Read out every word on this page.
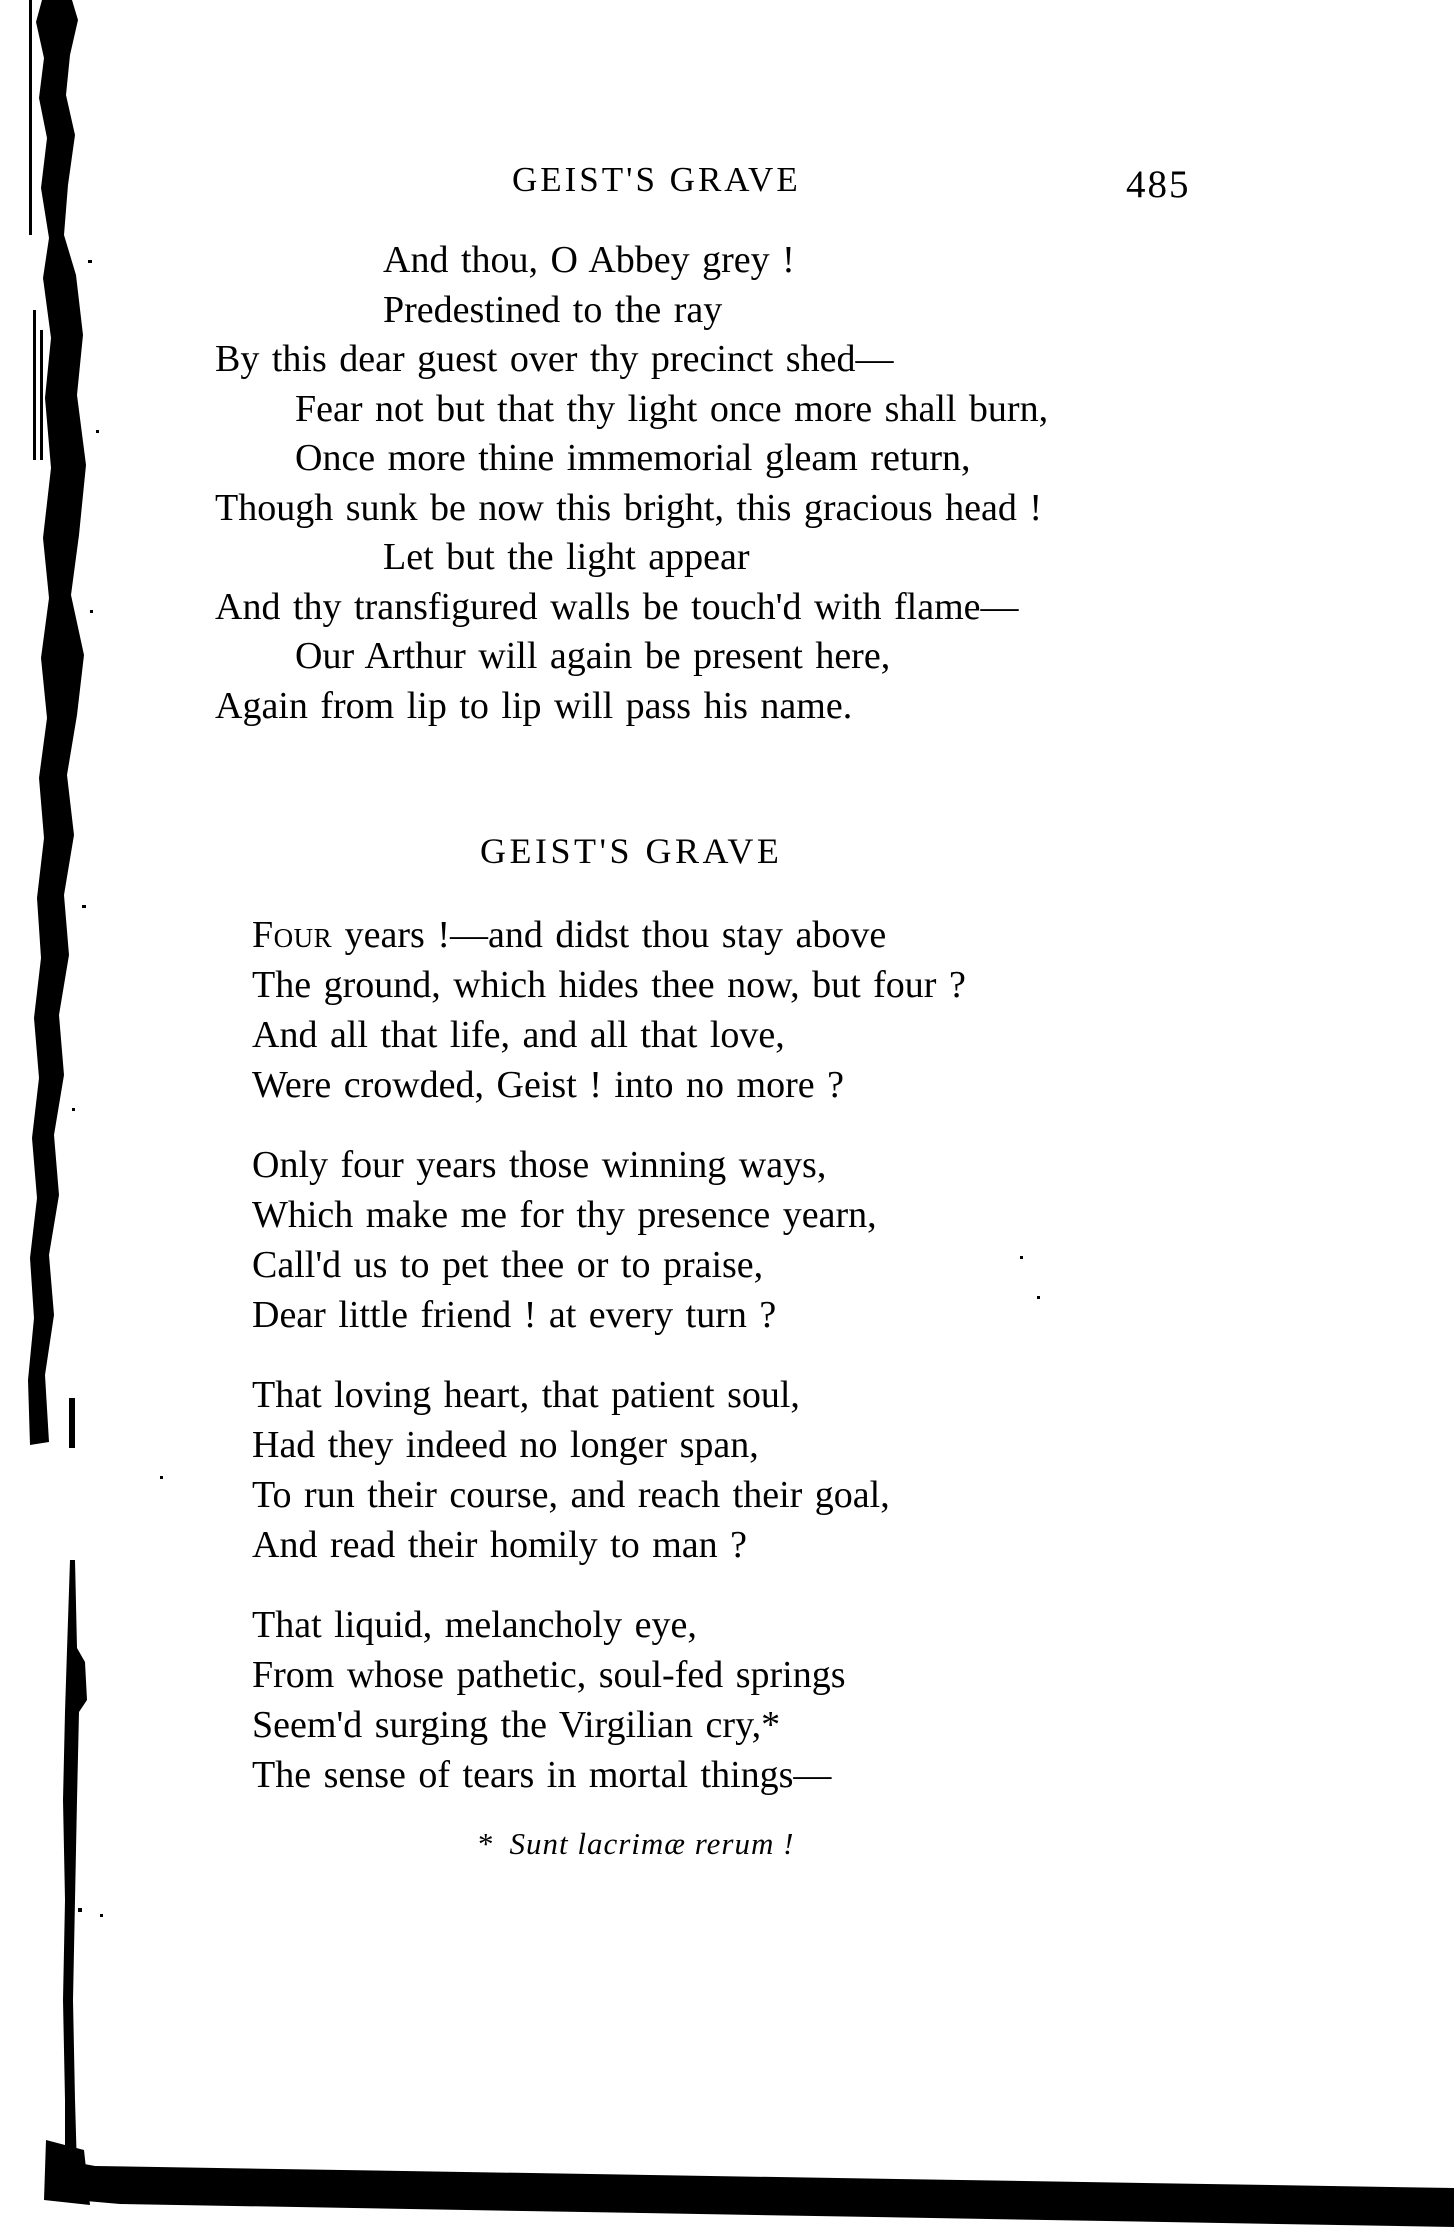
GEIST'S GRAVE	485
And thou, O Abbey grey !
Predestined to the ray
By this dear guest over thy precinct shed—
Fear not but that thy light once more shall burn,
Once more thine immemorial gleam return,
Though sunk be now this bright, this gracious head !
Let but the light appear
And thy transfigured walls be touch'd with flame—
Our Arthur will again be present here,
Again from lip to lip will pass his name.
GEIST'S GRAVE
Four years !—and didst thou stay above
The ground, which hides thee now, but four ?
And all that life, and all that love,
Were crowded, Geist ! into no more ?
Only four years those winning ways,
Which make me for thy presence yearn,
Call'd us to pet thee or to praise,
Dear little friend ! at every turn ?
That loving heart, that patient soul,
Had they indeed no longer span,
To run their course, and reach their goal,
And read their homily to man ?
That liquid, melancholy eye,
From whose pathetic, soul-fed springs
Seem'd surging the Virgilian cry,*
The sense of tears in mortal things—
* Sunt lacrimæ rerum !
